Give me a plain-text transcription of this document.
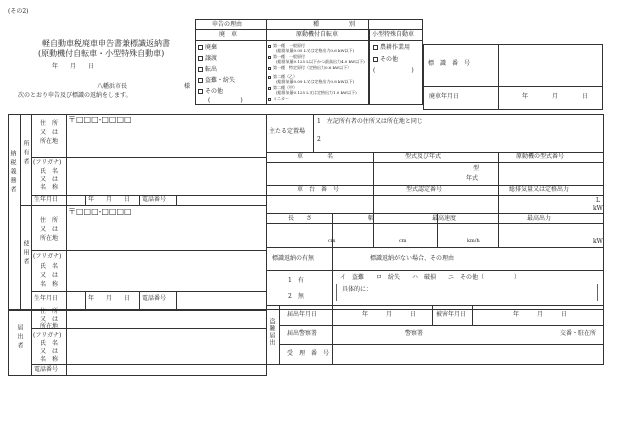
(その2)
軽自動車税廃車申告書兼標識返納書
(原動機付自転車・小型特殊自動車)
年　　月　　日
八幡浜市長	様
次のとおり申告及び標識の返納をします。
申告の理由
廃　車
種　　　　　別
原動機付自転車	小型特殊自動車
廃棄
譲渡
転出
盗難・紛失
その他
(　　　　　)
第一種　一般原付
(総排気量0.05 L又は定格出力0.6 kW以下)
第一種　一般原付
(総排気量0.125 L以下かつ最高出力4.0 kW以下)
第一種　特定原付（定格出力0.6 kW以下）
第二種（乙）
(総排気量0.09 L又は定格出力0.8 kW以下)
第二種（甲）
(総排気量0.125 L又は定格出力1.0 kW以下)
ミニカー
農耕作業用
その他
(　　　　　　)
標　識　番　号
廃車年月日	年　　　　月　　　　日
納税義務者 所有者
使用者
住　所
又　は
所在地
〒□□□-□□□□
(フリガナ)
氏　名
又　は
名　称
生年月日	年　　月　　日 電話番号
住　所
又　は
所在地
〒□□□-□□□□
(フリガナ)
氏　名
又　は
名　称
生年月日	年　　月　　日 電話番号
主たる定置場
1　左記所有者の住所又は所在地と同じ
2
車　　　　名	型式及び年式	原動機の型式番号
型
年式
車　台　番　号	型式認定番号	総排気量又は定格出力
L
kW
長　　さ	幅	最高速度	最高出力
cm	cm	km/h	kW
標識返納の有無	標識返納がない場合、その理由
1　有
2　無
イ　盗難　　ロ　紛失　　ハ　破損　　ニ　その他（　　　　　）
具体的に：
届出者
住　所
又　は
所在地
(フリガナ)
氏　名
又　は
名　称
電話番号
盗難届出
届出年月日	年　　　月　　　日	被害年月日	年　　　月　　　日
届出警察署	警察署	交番・駐在所
受　理　番　号
